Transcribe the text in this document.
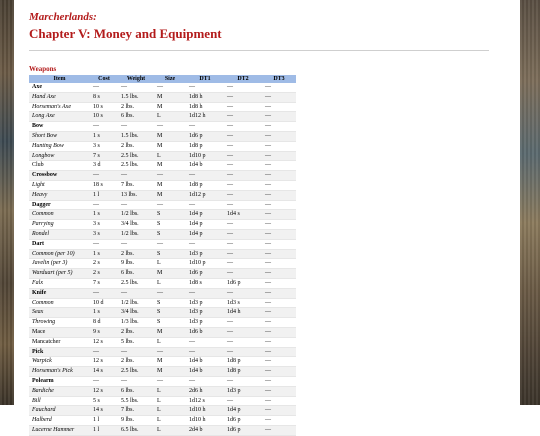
Marcherlands:
Chapter V: Money and Equipment
Weapons
Item	Cost	Weight	Size	DT1	DT2	DT3
Axe	—	—	—	—	—	—
Hand Axe	8 s	1.5 lbs.	M	1d8 h	—	—
Horseman's Axe	10 s	2 lbs.	M	1d8 h	—	—
Long Axe	10 s	6 lbs.	L	1d12 h	—	—
Bow	—	—	—	—	—	—
Short Bow	1 s	1.5 lbs.	M	1d6 p	—	—
Hunting Bow	3 s	2 lbs.	M	1d8 p	—	—
Longbow	7 s	2.5 lbs.	L	1d10 p	—	—
Club	3 d	2.5 lbs.	M	1d4 b	—	—
Crossbow	—	—	—	—	—	—
Light	18 s	7 lbs.	M	1d8 p	—	—
Heavy	1 l	13 lbs.	M	1d12 p	—	—
Dagger	—	—	—	—	—	—
Common	1 s	1/2 lbs.	S	1d4 p	1d4 s	—
Parrying	3 s	3/4 lbs.	S	1d4 p	—	—
Rondel	3 s	1/2 lbs.	S	1d4 p	—	—
Dart	—	—	—	—	—	—
Common (per 10)	1 s	2 lbs.	S	1d3 p	—	—
Javelin (per 3)	2 s	9 lbs.	L	1d10 p	—	—
Warduart (per 5)	2 s	6 lbs.	M	1d6 p	—	—
Falx	7 s	2.5 lbs.	L	1d8 s	1d6 p	—
Knife	—	—	—	—	—	—
Common	10 d	1/2 lbs.	S	1d3 p	1d3 s	—
Seax	1 s	3/4 lbs.	S	1d3 p	1d4 h	—
Throwing	8 d	1/3 lbs.	S	1d3 p	—	—
Mace	9 s	2 lbs.	M	1d6 b	—	—
Mancatcher	12 s	5 lbs.	L	—	—	—
Pick	—	—	—	—	—	—
Warpick	12 s	2 lbs.	M	1d4 b	1d8 p	—
Horseman's Pick	14 s	2.5 lbs.	M	1d4 b	1d8 p	—
Polearm	—	—	—	—	—	—
Bardiche	12 s	6 lbs.	L	2d6 h	1d3 p	—
Bill	5 s	5.5 lbs.	L	1d12 s	—	—
Fauchard	14 s	7 lbs.	L	1d10 h	1d4 p	—
Halberd	1 l	9 lbs.	L	1d10 h	1d6 p	—
Lucerne Hammer	1 l	6.5 lbs.	L	2d4 b	1d6 p	—
